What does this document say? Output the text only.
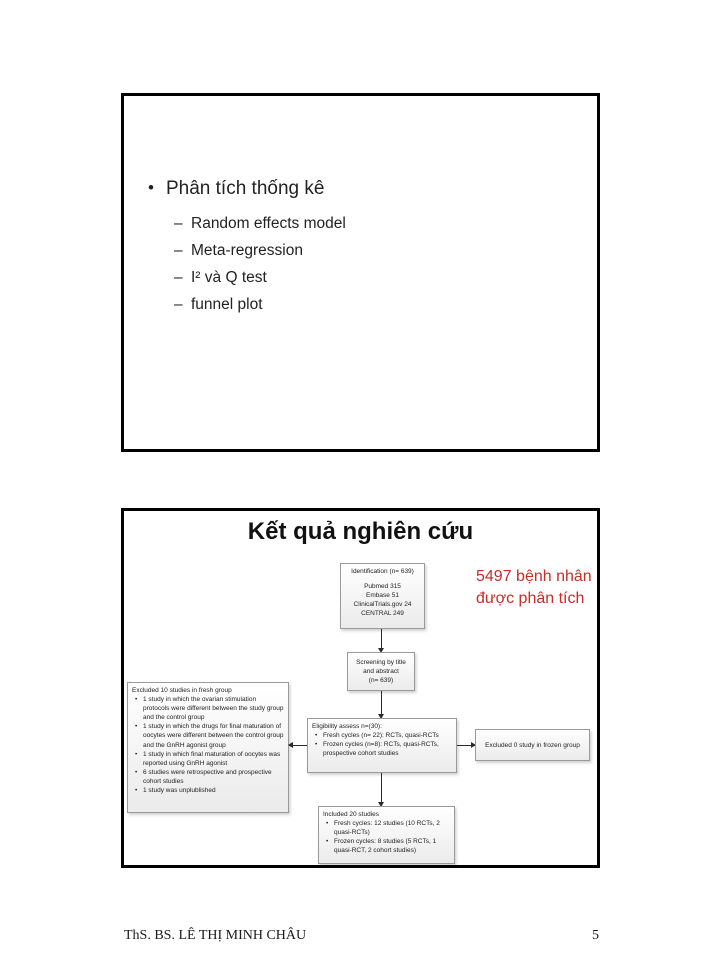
• Phân tích thống kê
– Random effects model
– Meta-regression
– I² và Q test
– funnel plot
Kết quả nghiên cứu
5497 bệnh nhân được phân tích
Identification (n= 639)
Pubmed 315
Embase 51
ClinicalTrials.gov 24
CENTRAL 249
Screening by title
and abstract
(n= 639)
Excluded 10 studies in fresh group
• 1 study in which the ovarian stimulation protocols were different between the study group and the control group
• 1 study in which the drugs for final maturation of oocytes were different between the control group and the GnRH agonist group
• 1 study in which final maturation of oocytes was reported using GnRH agonist
• 6 studies were retrospective and prospective cohort studies
• 1 study was unplublished
Eligibility assess n=(30):
• Fresh cycles (n= 22): RCTs, quasi-RCTs
• Frozen cycles (n=8): RCTs, quasi-RCTs, prospective cohort studies
Excluded 0 study in frozen group
Included 20 studies
• Fresh cycles: 12 studies (10 RCTs, 2 quasi-RCTs)
• Frozen cycles: 8 studies (5 RCTs, 1 quasi-RCT, 2 cohort studies)
ThS. BS. LÊ THỊ MINH CHÂU	5
